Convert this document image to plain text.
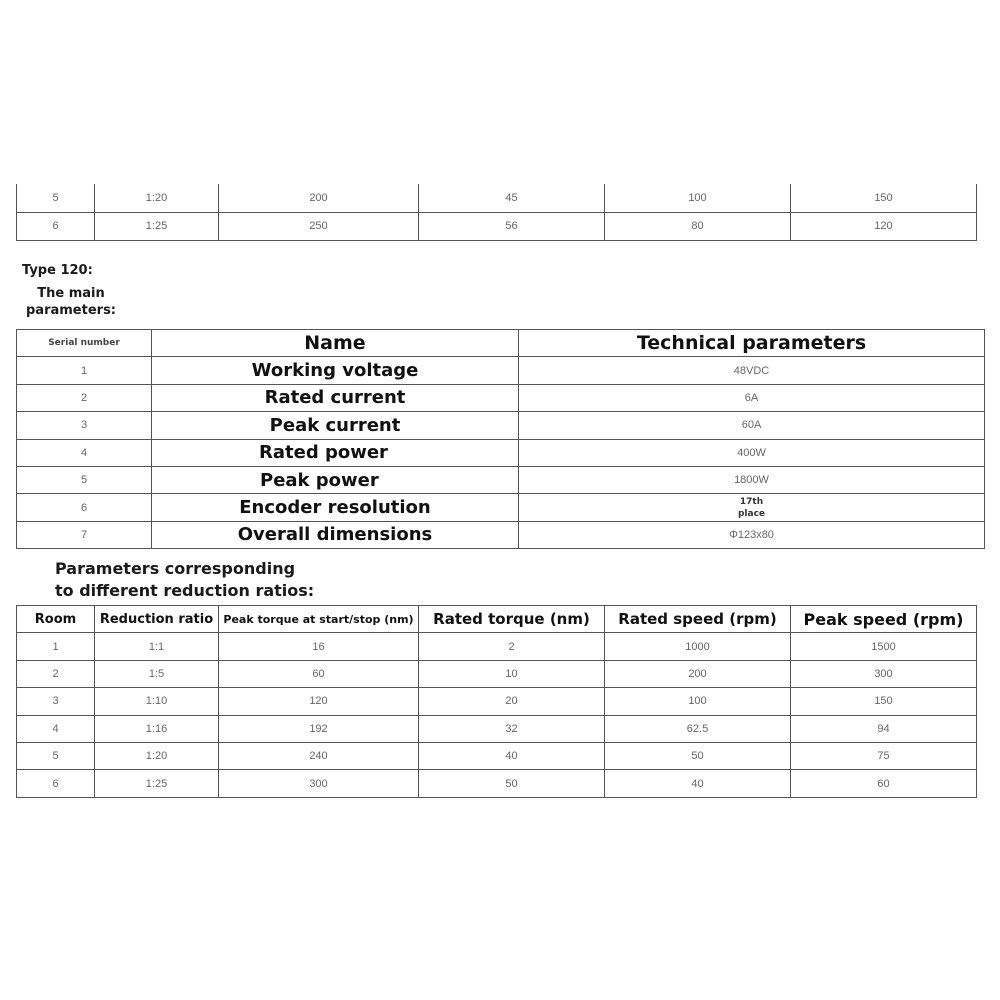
5	1:20	200	45	100	150
6	1:25	250	56	80	120
Type 120:
The main parameters:
Serial number	Name	Technical parameters
1	Working voltage	48VDC
2	Rated current	6A
3	Peak current	60A
4	Rated power	400W
5	Peak power	1800W
6	Encoder resolution	17th place

7	Overall dimensions	Φ123x80
Parameters corresponding to different reduction ratios:
Room	Reduction ratio	Peak torque at start/stop (nm)	Rated torque (nm)	Rated speed (rpm)	Peak speed (rpm)
1	1:1	16	2	1000	1500
2	1:5	60	10	200	300
3	1:10	120	20	100	150
4	1:16	192	32	62.5	94
5	1:20	240	40	50	75
6	1:25	300	50	40	60
